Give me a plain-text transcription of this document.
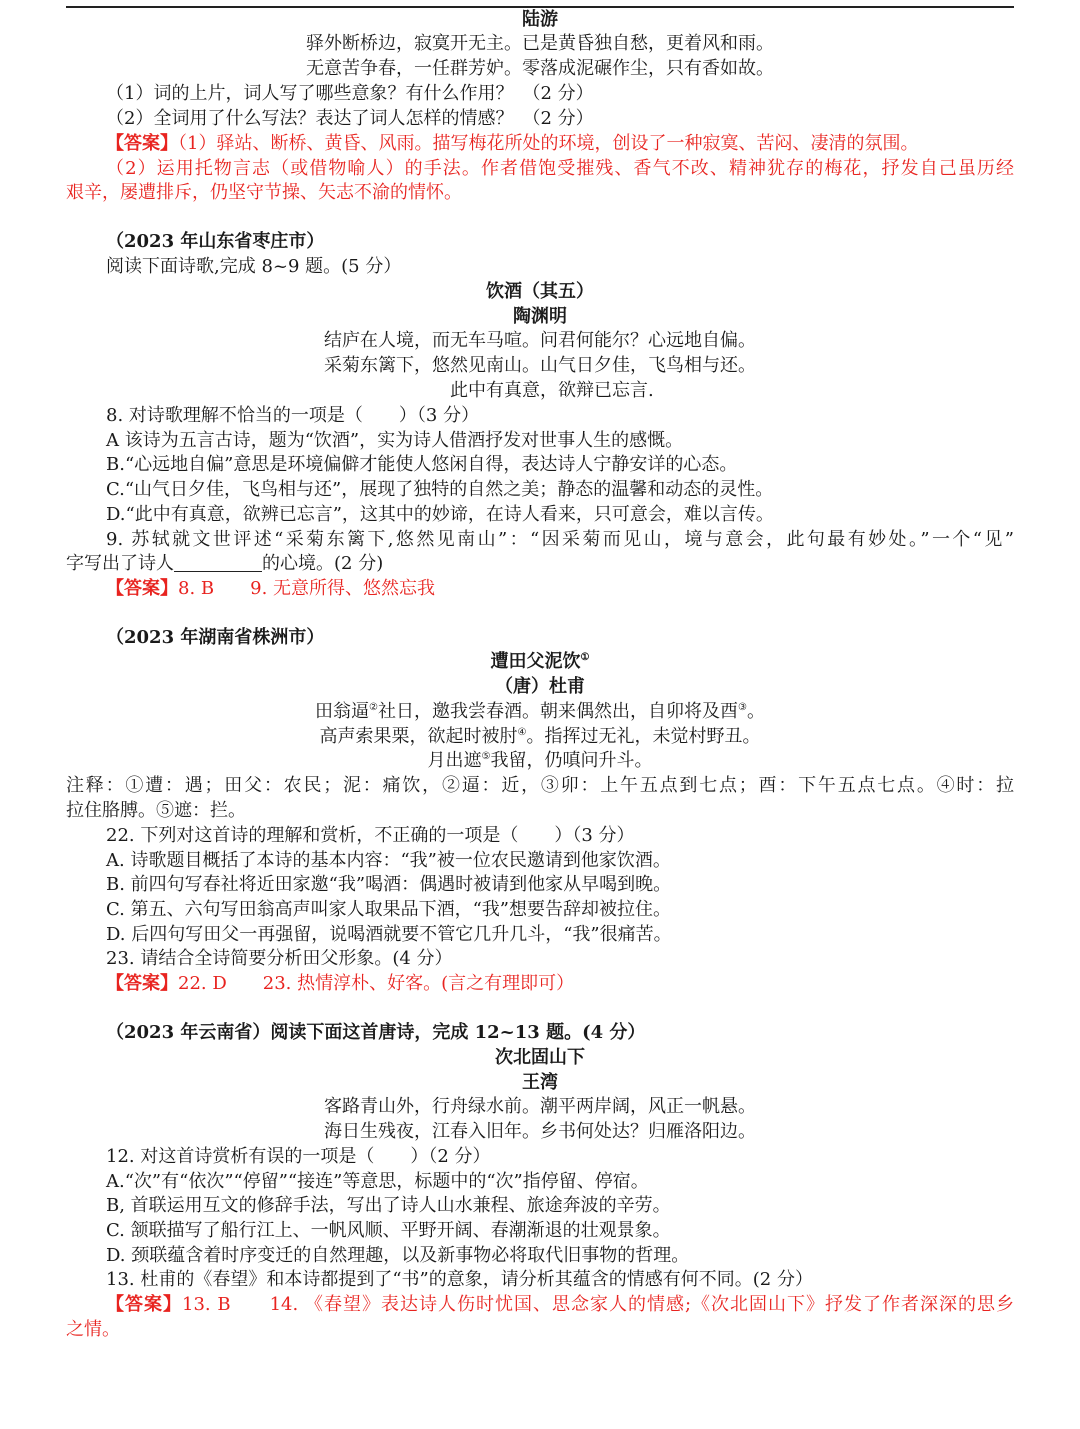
陆游
驿外断桥边，寂寞开无主。已是黄昏独自愁，更着风和雨。
无意苦争春，一任群芳妒。零落成泥碾作尘，只有香如故。
（1）词的上片，词人写了哪些意象？有什么作用？　（2 分）
（2）全词用了什么写法？表达了词人怎样的情感？　（2 分）
【答案】（1）驿站、断桥、黄昏、风雨。描写梅花所处的环境，创设了一种寂寞、苦闷、凄清的氛围。
（2）运用托物言志（或借物喻人）的手法。作者借饱受摧残、香气不改、精神犹存的梅花，抒发自己虽历经
艰辛，屡遭排斥，仍坚守节操、矢志不渝的情怀。
（2023 年山东省枣庄市）
阅读下面诗歌,完成 8~9 题。(5 分）
饮酒（其五）
陶渊明
结庐在人境，而无车马喧。问君何能尔？心远地自偏。
采菊东篱下，悠然见南山。山气日夕佳，飞鸟相与还。
此中有真意，欲辩已忘言.
8. 对诗歌理解不恰当的一项是（　　）（3 分）
A 该诗为五言古诗，题为“饮酒”，实为诗人借酒抒发对世事人生的感慨。
B.“心远地自偏”意思是环境偏僻才能使人悠闲自得，表达诗人宁静安详的心态。
C.“山气日夕佳，飞鸟相与还”，展现了独特的自然之美；静态的温馨和动态的灵性。
D.“此中有真意，欲辨已忘言”，这其中的妙谛，在诗人看来，只可意会，难以言传。
9. 苏轼就文世评述“采菊东篱下,悠然见南山”：“因采菊而见山，境与意会，此句最有妙处。”一个“见”
字写出了诗人	的心境。(2 分)
【答案】8. B　　9. 无意所得、悠然忘我
（2023 年湖南省株洲市）
遭田父泥饮①
（唐）杜甫
田翁逼②社日，邀我尝春酒。朝来偶然出，自卯将及酉③。
高声索果栗，欲起时被肘④。指挥过无礼，未觉村野丑。
月出遮⑤我留，仍嗔问升斗。
注释：①遭：遇；田父：农民；泥：痛饮，②逼：近，③卯：上午五点到七点；酉：下午五点七点。④时：拉
拉住胳膊。⑤遮：拦。
22. 下列对这首诗的理解和赏析，不正确的一项是（　　）（3 分）
A. 诗歌题目概括了本诗的基本内容：“我”被一位农民邀请到他家饮酒。
B. 前四句写春社将近田家邀“我”喝酒：偶遇时被请到他家从早喝到晚。
C. 第五、六句写田翁高声叫家人取果品下酒，“我”想要告辞却被拉住。
D. 后四句写田父一再强留，说喝酒就要不管它几升几斗，“我”很痛苦。
23. 请结合全诗简要分析田父形象。(4 分）
【答案】22. D　　23. 热情淳朴、好客。(言之有理即可）
（2023 年云南省）阅读下面这首唐诗，完成 12~13 题。(4 分）
次北固山下
王湾
客路青山外，行舟绿水前。潮平两岸阔，风正一帆悬。
海日生残夜，江春入旧年。乡书何处达？归雁洛阳边。
12. 对这首诗赏析有误的一项是（　　）（2 分）
A.“次”有“依次”“停留”“接连”等意思，标题中的“次”指停留、停宿。
B, 首联运用互文的修辞手法，写出了诗人山水兼程、旅途奔波的辛劳。
C. 颔联描写了船行江上、一帆风顺、平野开阔、春潮渐退的壮观景象。
D. 颈联蕴含着时序变迁的自然理趣，以及新事物必将取代旧事物的哲理。
13. 杜甫的《春望》和本诗都提到了“书”的意象，请分析其蕴含的情感有何不同。(2 分）
【答案】13. B　　14. 《春望》表达诗人伤时忧国、思念家人的情感;《次北固山下》抒发了作者深深的思乡
之情。
